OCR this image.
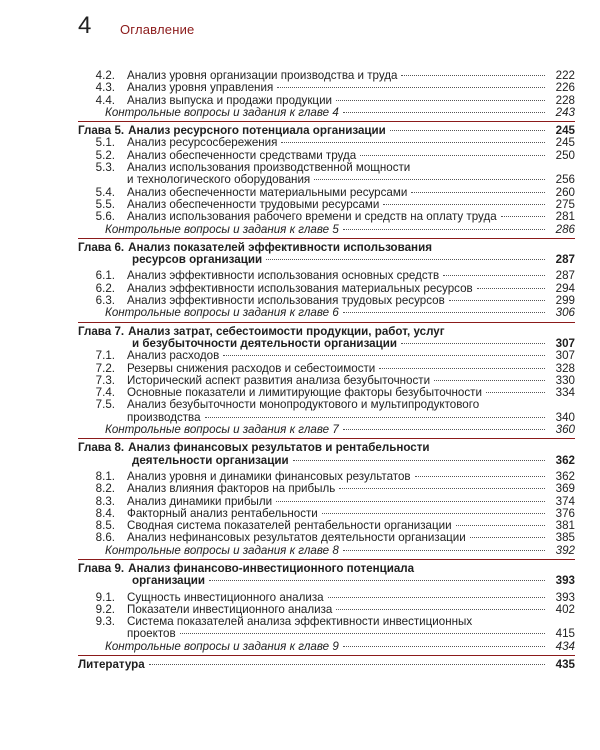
4 Оглавление
4.2.	Анализ уровня организации производства и труда	222
4.3.	Анализ уровня управления	226
4.4.	Анализ выпуска и продажи продукции	228
Контрольные вопросы и задания к главе 4	243
Глава 5. Анализ ресурсного потенциала организации	245
5.1.	Анализ ресурсосбережения	245
5.2.	Анализ обеспеченности средствами труда	250
5.3.	Анализ использования производственной мощности
и технологического оборудования	256
5.4.	Анализ обеспеченности материальными ресурсами	260
5.5.	Анализ обеспеченности трудовыми ресурсами	275
5.6.	Анализ использования рабочего времени и средств на оплату труда	281
Контрольные вопросы и задания к главе 5	286
Глава 6. Анализ показателей эффективности использования
ресурсов организации	287
6.1.	Анализ эффективности использования основных средств	287
6.2.	Анализ эффективности использования материальных ресурсов	294
6.3.	Анализ эффективности использования трудовых ресурсов	299
Контрольные вопросы и задания к главе 6	306
Глава 7. Анализ затрат, себестоимости продукции, работ, услуг
и безубыточности деятельности организации	307
7.1.	Анализ расходов	307
7.2.	Резервы снижения расходов и себестоимости	328
7.3.	Исторический аспект развития анализа безубыточности	330
7.4.	Основные показатели и лимитирующие факторы безубыточности	334
7.5.	Анализ безубыточности монопродуктового и мультипродуктового
производства	340
Контрольные вопросы и задания к главе 7	360
Глава 8. Анализ финансовых результатов и рентабельности
деятельности организации	362
8.1.	Анализ уровня и динамики финансовых результатов	362
8.2.	Анализ влияния факторов на прибыль	369
8.3.	Анализ динамики прибыли	374
8.4.	Факторный анализ рентабельности	376
8.5.	Сводная система показателей рентабельности организации	381
8.6.	Анализ нефинансовых результатов деятельности организации	385
Контрольные вопросы и задания к главе 8	392
Глава 9. Анализ финансово-инвестиционного потенциала
организации	393
9.1.	Сущность инвестиционного анализа	393
9.2.	Показатели инвестиционного анализа	402
9.3.	Система показателей анализа эффективности инвестиционных
проектов	415
Контрольные вопросы и задания к главе 9	434
Литература	435
